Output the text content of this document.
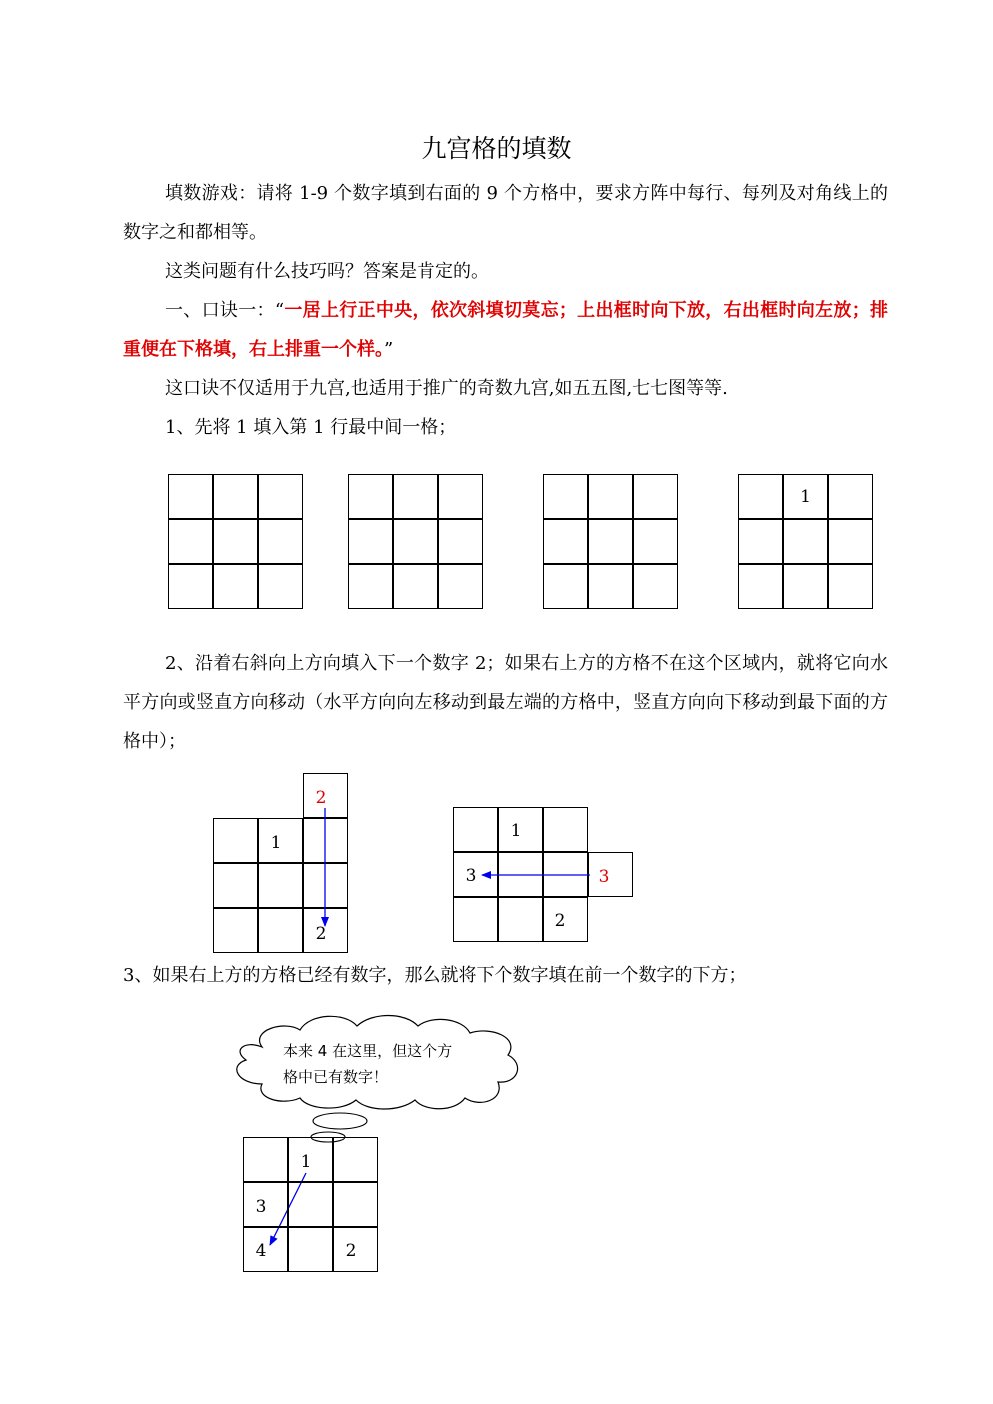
九宫格的填数
填数游戏：请将 1-9 个数字填到右面的 9 个方格中，要求方阵中每行、每列及对角线上的数字之和都相等。
这类问题有什么技巧吗？答案是肯定的。
一、口诀一：“一居上行正中央，依次斜填切莫忘；上出框时向下放，右出框时向左放；排重便在下格填，右上排重一个样。”
这口诀不仅适用于九宫,也适用于推广的奇数九宫,如五五图,七七图等等.
1、先将 1 填入第 1 行最中间一格；
1
2、沿着右斜向上方向填入下一个数字 2；如果右上方的方格不在这个区域内，就将它向水平方向或竖直方向移动（水平方向向左移动到最左端的方格中，竖直方向向下移动到最下面的方格中）；
1
2
2
1
3
3
2
3、如果右上方的方格已经有数字，那么就将下个数字填在前一个数字的下方；
本来 4 在这里，但这个方格中已有数字！
1
3
4	2
